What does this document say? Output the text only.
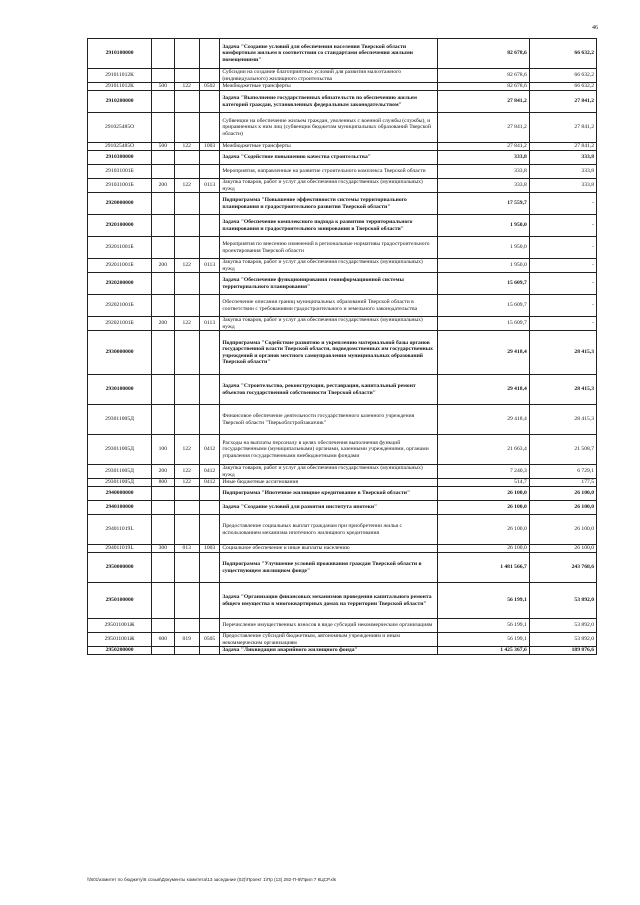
46
2910100000				Задача "Создание условий для обеспечения населения Тверской области комфортным жильем в соответствии со стандартами обеспечения жилыми помещениями"	82 678,6	66 632,2
291011012К				Субсидии на создание благоприятных условий для развития малоэтажного (индивидуального) жилищного строительства	82 678,6	66 632,2
291011012К	500	122	0502	Межбюджетные трансферты	82 678,6	66 632,2
2910200000				Задача "Выполнение государственных обязательств по обеспечению жильем категорий граждан, установленных федеральным законодательством"	27 841,2	27 841,2
291025485О				Субвенции на обеспечение жильем граждан, уволенных с военной службы (службы), и приравненных к ним лиц (субвенции бюджетам муниципальных образований Тверской области)	27 841,2	27 841,2
291025485О	500	122	1003	Межбюджетные трансферты	27 841,2	27 841,2
2910300000				Задача "Содействие повышению качества строительства"	333,8	333,8
291031001Б				Мероприятия, направленные на развитие строительного комплекса Тверской области	333,8	333,8
291031001Б	200	122	0113	Закупка товаров, работ и услуг для обеспечения государственных (муниципальных) нужд	333,8	333,8
2920000000				Подпрограмма "Повышение эффективности системы территориального планирования и градостроительного развития Тверской области"	17 559,7	-
2920100000				Задача "Обеспечение комплексного подхода к развитию территориального планирования и градостроительного зонирования в Тверской области"	1 950,0	-
292011001Б				Мероприятия по внесению изменений в региональные нормативы градостроительного проектирования Тверской области	1 950,0	-
292011001Б	200	122	0113	Закупка товаров, работ и услуг для обеспечения государственных (муниципальных) нужд	1 950,0	-
2920200000				Задача "Обеспечение функционирования геоинформационной системы территориального планирования"	15 609,7	-
292021001Б				Обеспечение описания границ муниципальных образований Тверской области в соответствии с требованиями градостроительного и земельного законодательства	15 609,7	-
292021001Б	200	122	0113	Закупка товаров, работ и услуг для обеспечения государственных (муниципальных) нужд	15 609,7	-
2930000000				Подпрограмма "Содействие развитию и укреплению материальной базы органов государственной власти Тверской области, подведомственных им государственных учреждений и органов местного самоуправления муниципальных образований Тверской области"	29 418,4	28 415,3
2930100000				Задача "Строительство, реконструкция, реставрация, капитальный ремонт объектов государственной собственности Тверской области"	29 418,4	28 415,3
293011005Д				Финансовое обеспечение деятельности государственного казенного учреждения Тверской области "Тверьоблстройзаказчик"	29 418,4	28 415,3
293011005Д	100	122	0412	Расходы на выплаты персоналу в целях обеспечения выполнения функций государственными (муниципальными) органами, казенными учреждениями, органами управления государственными внебюджетными фондами	21 663,4	21 508,7
293011005Д	200	122	0412	Закупка товаров, работ и услуг для обеспечения государственных (муниципальных) нужд	7 240,3	6 729,1
293011005Д	800	122	0412	Иные бюджетные ассигнования	514,7	177,5
2940000000				Подпрограмма "Ипотечное жилищное кредитование в Тверской области"	26 100,0	26 100,0
2940100000				Задача "Создание условий для развития института ипотеки"	26 100,0	26 100,0
294011019L				Предоставление социальных выплат гражданам при приобретении жилья с использованием механизма ипотечного жилищного кредитования	26 100,0	26 100,0
294011019L	300	013	1003	Социальное обеспечение и иные выплаты населению	26 100,0	26 100,0
2950000000				Подпрограмма "Улучшение условий проживания граждан Тверской области в существующем жилищном фонде"	1 481 566,7	243 768,6
2950100000				Задача "Организация финансовых механизмов проведения капитального ремонта общего имущества в многоквартирных домах на территории Тверской области"	56 199,1	53 892,0
295011001Ж				Перечисление имущественных взносов в виде субсидий некоммерческим организациям	56 199,1	53 892,0
295011001Ж	600	019	0505	Предоставление субсидий бюджетным, автономным учреждениям и иным некоммерческим организациям	56 199,1	53 892,0
2950200000				Задача "Ликвидация аварийного жилищного фонда"	1 425 367,6	189 876,6
\\fs01\комитет по бюджету\6 созыв\Документы комитета\13 заседание (02)\Проект 1\Пр (13) 282-П-6\Прил 7 КЦСР.xls
